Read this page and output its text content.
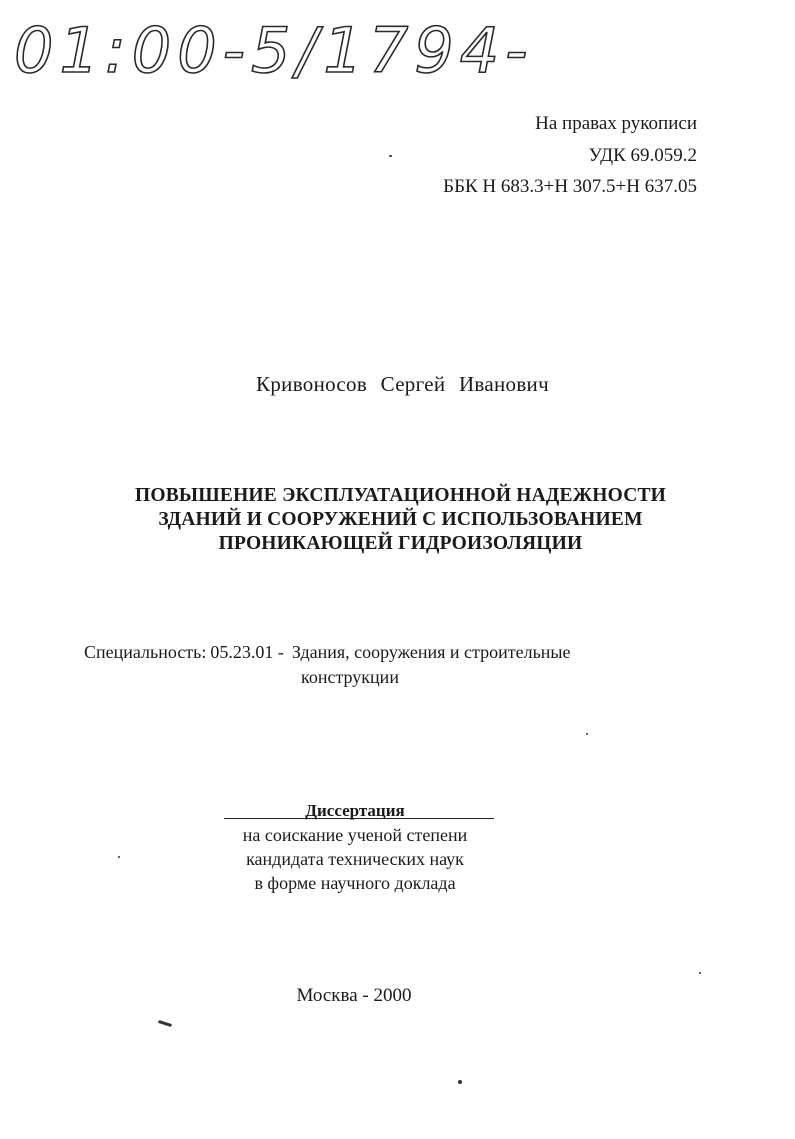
01:00-5/1794-7
На правах рукописи
УДК 69.059.2
ББК Н 683.3+Н 307.5+Н 637.05
Кривоносов Сергей Иванович
ПОВЫШЕНИЕ ЭКСПЛУАТАЦИОННОЙ НАДЕЖНОСТИ
ЗДАНИЙ И СООРУЖЕНИЙ С ИСПОЛЬЗОВАНИЕМ
ПРОНИКАЮЩЕЙ ГИДРОИЗОЛЯЦИИ
Специальность: 05.23.01 - Здания, сооружения и строительные
конструкции
Диссертация
на соискание ученой степени
кандидата технических наук
в форме научного доклада
Москва - 2000
